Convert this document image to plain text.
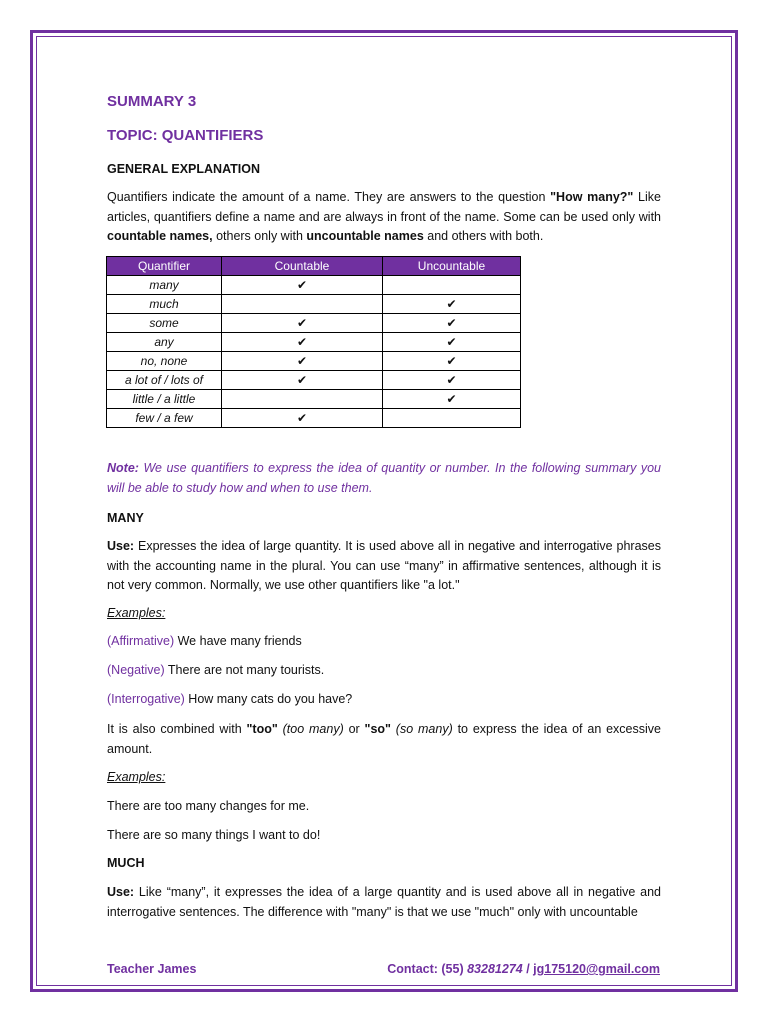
SUMMARY 3
TOPIC: QUANTIFIERS

GENERAL EXPLANATION

Quantifiers indicate the amount of a name. They are answers to the question "How many?" Like articles, quantifiers define a name and are always in front of the name. Some can be used only with countable names, others only with uncountable names and others with both.

Quantifier	Countable	Uncountable
many	✔	
much		✔
some	✔	✔
any	✔	✔
no, none	✔	✔
a lot of / lots of	✔	✔
little / a little		✔
few / a few	✔	

Note: We use quantifiers to express the idea of quantity or number. In the following summary you will be able to study how and when to use them.

MANY

Use: Expresses the idea of large quantity. It is used above all in negative and interrogative phrases with the accounting name in the plural. You can use “many” in affirmative sentences, although it is not very common. Normally, we use other quantifiers like "a lot."

Examples:

(Affirmative) We have many friends

(Negative) There are not many tourists.

(Interrogative) How many cats do you have?

It is also combined with "too" (too many) or "so" (so many) to express the idea of an excessive amount.

Examples:

There are too many changes for me.

There are so many things I want to do!

MUCH

Use: Like “many”, it expresses the idea of a large quantity and is used above all in negative and interrogative sentences. The difference with "many" is that we use "much" only with uncountable

Teacher James	Contact: (55) 83281274 / jg175120@gmail.com
